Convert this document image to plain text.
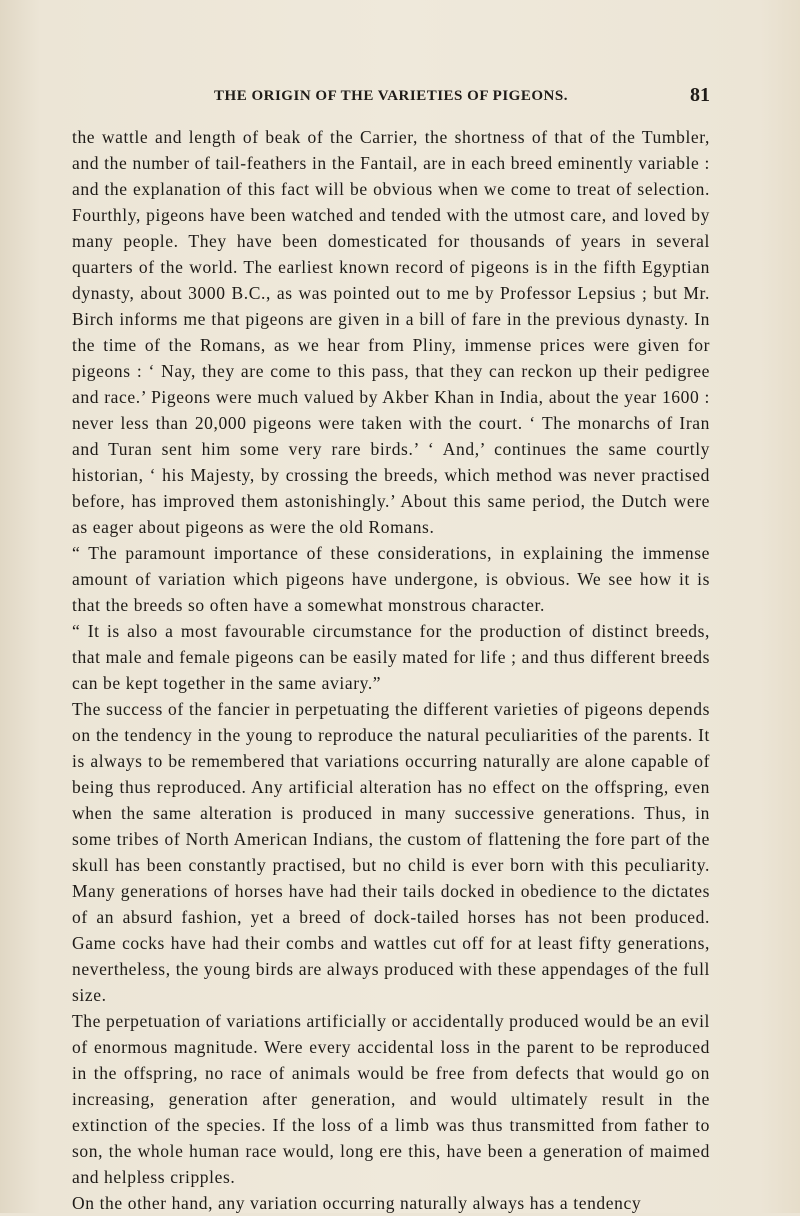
THE ORIGIN OF THE VARIETIES OF PIGEONS.	81

the wattle and length of beak of the Carrier, the shortness of that of the Tumbler, and the number of tail-feathers in the Fantail, are in each breed eminently variable : and the explanation of this fact will be obvious when we come to treat of selection. Fourthly, pigeons have been watched and tended with the utmost care, and loved by many people. They have been domesticated for thousands of years in several quarters of the world. The earliest known record of pigeons is in the fifth Egyptian dynasty, about 3000 B.C., as was pointed out to me by Professor Lepsius ; but Mr. Birch informs me that pigeons are given in a bill of fare in the previous dynasty. In the time of the Romans, as we hear from Pliny, immense prices were given for pigeons : ‘ Nay, they are come to this pass, that they can reckon up their pedigree and race.’ Pigeons were much valued by Akber Khan in India, about the year 1600 : never less than 20,000 pigeons were taken with the court. ‘ The monarchs of Iran and Turan sent him some very rare birds.’ ‘ And,’ continues the same courtly historian, ‘ his Majesty, by crossing the breeds, which method was never practised before, has improved them astonishingly.’ About this same period, the Dutch were as eager about pigeons as were the old Romans.

“ The paramount importance of these considerations, in explaining the immense amount of variation which pigeons have undergone, is obvious. We see how it is that the breeds so often have a somewhat monstrous character.

“ It is also a most favourable circumstance for the production of distinct breeds, that male and female pigeons can be easily mated for life ; and thus different breeds can be kept together in the same aviary.”

The success of the fancier in perpetuating the different varieties of pigeons depends on the tendency in the young to reproduce the natural peculiarities of the parents. It is always to be remembered that variations occurring naturally are alone capable of being thus reproduced. Any artificial alteration has no effect on the offspring, even when the same alteration is produced in many successive generations. Thus, in some tribes of North American Indians, the custom of flattening the fore part of the skull has been constantly practised, but no child is ever born with this peculiarity. Many generations of horses have had their tails docked in obedience to the dictates of an absurd fashion, yet a breed of dock-tailed horses has not been produced. Game cocks have had their combs and wattles cut off for at least fifty generations, nevertheless, the young birds are always produced with these appendages of the full size.

The perpetuation of variations artificially or accidentally produced would be an evil of enormous magnitude. Were every accidental loss in the parent to be reproduced in the offspring, no race of animals would be free from defects that would go on increasing, generation after generation, and would ultimately result in the extinction of the species. If the loss of a limb was thus transmitted from father to son, the whole human race would, long ere this, have been a generation of maimed and helpless cripples.

On the other hand, any variation occurring naturally always has a tendency
